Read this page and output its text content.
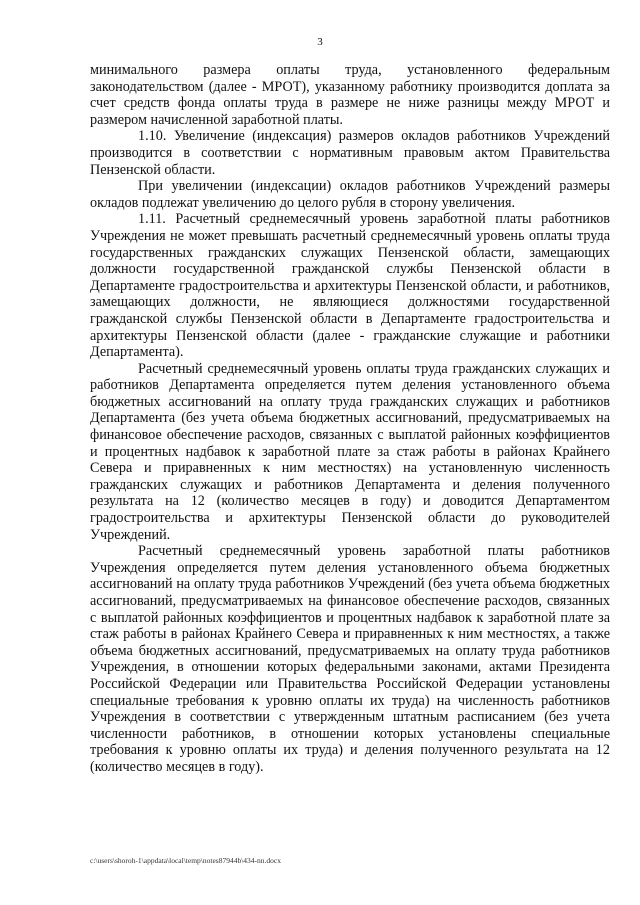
3

минимального размера оплаты труда, установленного федеральным законодательством (далее - МРОТ), указанному работнику производится доплата за счет средств фонда оплаты труда в размере не ниже разницы между МРОТ и размером начисленной заработной платы.

1.10. Увеличение (индексация) размеров окладов работников Учреждений производится в соответствии с нормативным правовым актом Правительства Пензенской области.

При увеличении (индексации) окладов работников Учреждений размеры окладов подлежат увеличению до целого рубля в сторону увеличения.

1.11. Расчетный среднемесячный уровень заработной платы работников Учреждения не может превышать расчетный среднемесячный уровень оплаты труда государственных гражданских служащих Пензенской области, замещающих должности государственной гражданской службы Пензенской области в Департаменте градостроительства и архитектуры Пензенской области, и работников, замещающих должности, не являющиеся должностями государственной гражданской службы Пензенской области в Департаменте градостроительства и архитектуры Пензенской области (далее - гражданские служащие и работники Департамента).

Расчетный среднемесячный уровень оплаты труда гражданских служащих и работников Департамента определяется путем деления установленного объема бюджетных ассигнований на оплату труда гражданских служащих и работников Департамента (без учета объема бюджетных ассигнований, предусматриваемых на финансовое обеспечение расходов, связанных с выплатой районных коэффициентов и процентных надбавок к заработной плате за стаж работы в районах Крайнего Севера и приравненных к ним местностях) на установленную численность гражданских служащих и работников Департамента и деления полученного результата на 12 (количество месяцев в году) и доводится Департаментом градостроительства и архитектуры Пензенской области до руководителей Учреждений.

Расчетный среднемесячный уровень заработной платы работников Учреждения определяется путем деления установленного объема бюджетных ассигнований на оплату труда работников Учреждений (без учета объема бюджетных ассигнований, предусматриваемых на финансовое обеспечение расходов, связанных с выплатой районных коэффициентов и процентных надбавок к заработной плате за стаж работы в районах Крайнего Севера и приравненных к ним местностях, а также объема бюджетных ассигнований, предусматриваемых на оплату труда работников Учреждения, в отношении которых федеральными законами, актами Президента Российской Федерации или Правительства Российской Федерации установлены специальные требования к уровню оплаты их труда) на численность работников Учреждения в соответствии с утвержденным штатным расписанием (без учета численности работников, в отношении которых установлены специальные требования к уровню оплаты их труда) и деления полученного результата на 12 (количество месяцев в году).

c:\users\shoroh-1\appdata\local\temp\notes87944b\434-nn.docx
